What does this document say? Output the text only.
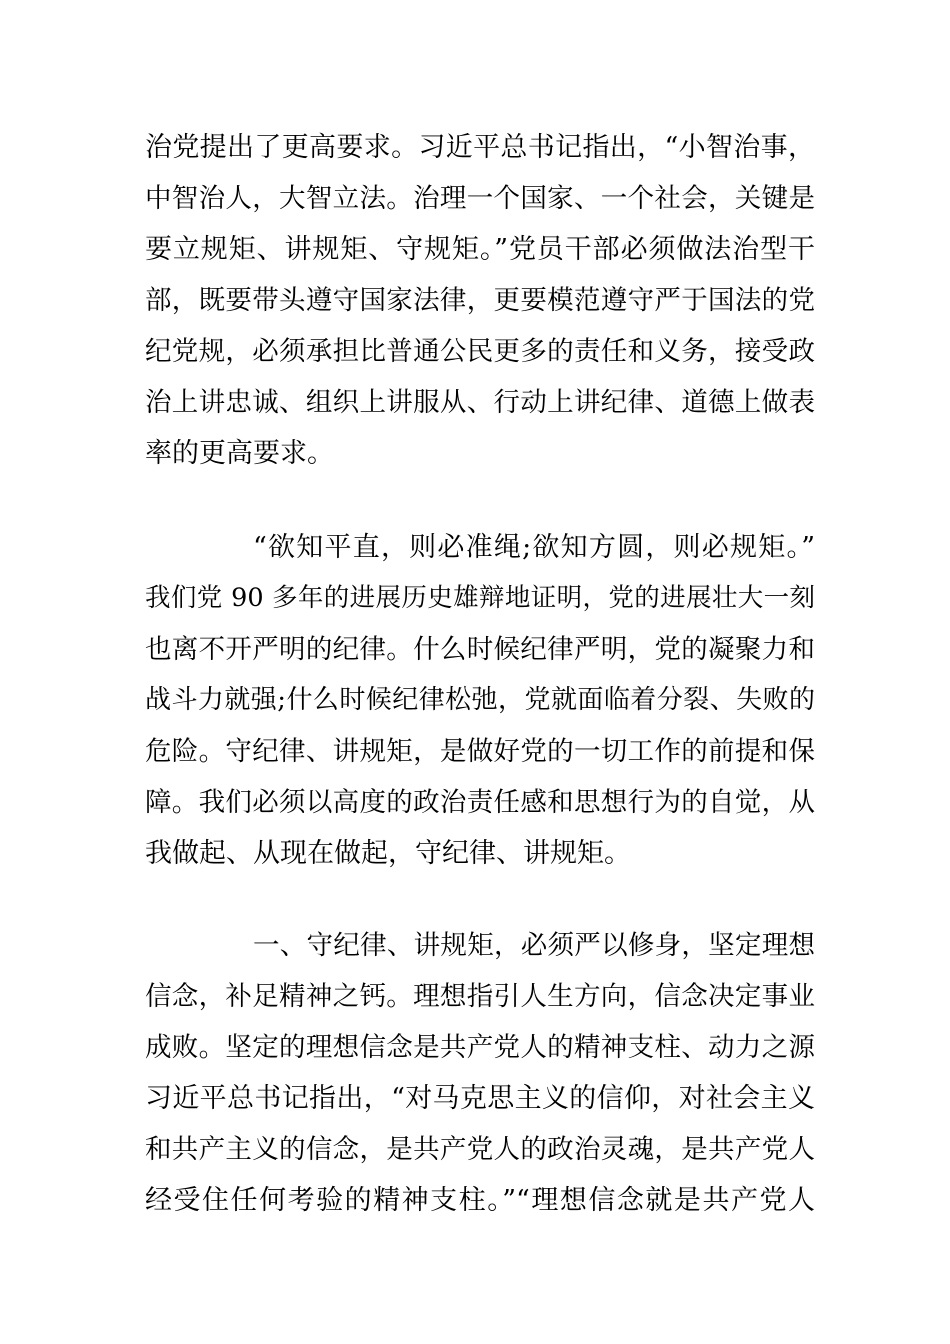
治党提出了更高要求。习近平总书记指出，“小智治事，
中智治人，大智立法。治理一个国家、一个社会，关键是
要立规矩、讲规矩、守规矩。”党员干部必须做法治型干
部，既要带头遵守国家法律，更要模范遵守严于国法的党
纪党规，必须承担比普通公民更多的责任和义务，接受政
治上讲忠诚、组织上讲服从、行动上讲纪律、道德上做表
率的更高要求。
“欲知平直，则必准绳;欲知方圆，则必规矩。”
我们党 90 多年的进展历史雄辩地证明，党的进展壮大一刻
也离不开严明的纪律。什么时候纪律严明，党的凝聚力和
战斗力就强;什么时候纪律松弛，党就面临着分裂、失败的
危险。守纪律、讲规矩，是做好党的一切工作的前提和保
障。我们必须以高度的政治责任感和思想行为的自觉，从
我做起、从现在做起，守纪律、讲规矩。
一、守纪律、讲规矩，必须严以修身，坚定理想
信念，补足精神之钙。理想指引人生方向，信念决定事业
成败。坚定的理想信念是共产党人的精神支柱、动力之源
习近平总书记指出，“对马克思主义的信仰，对社会主义
和共产主义的信念，是共产党人的政治灵魂，是共产党人
经受住任何考验的精神支柱。”“理想信念就是共产党人
